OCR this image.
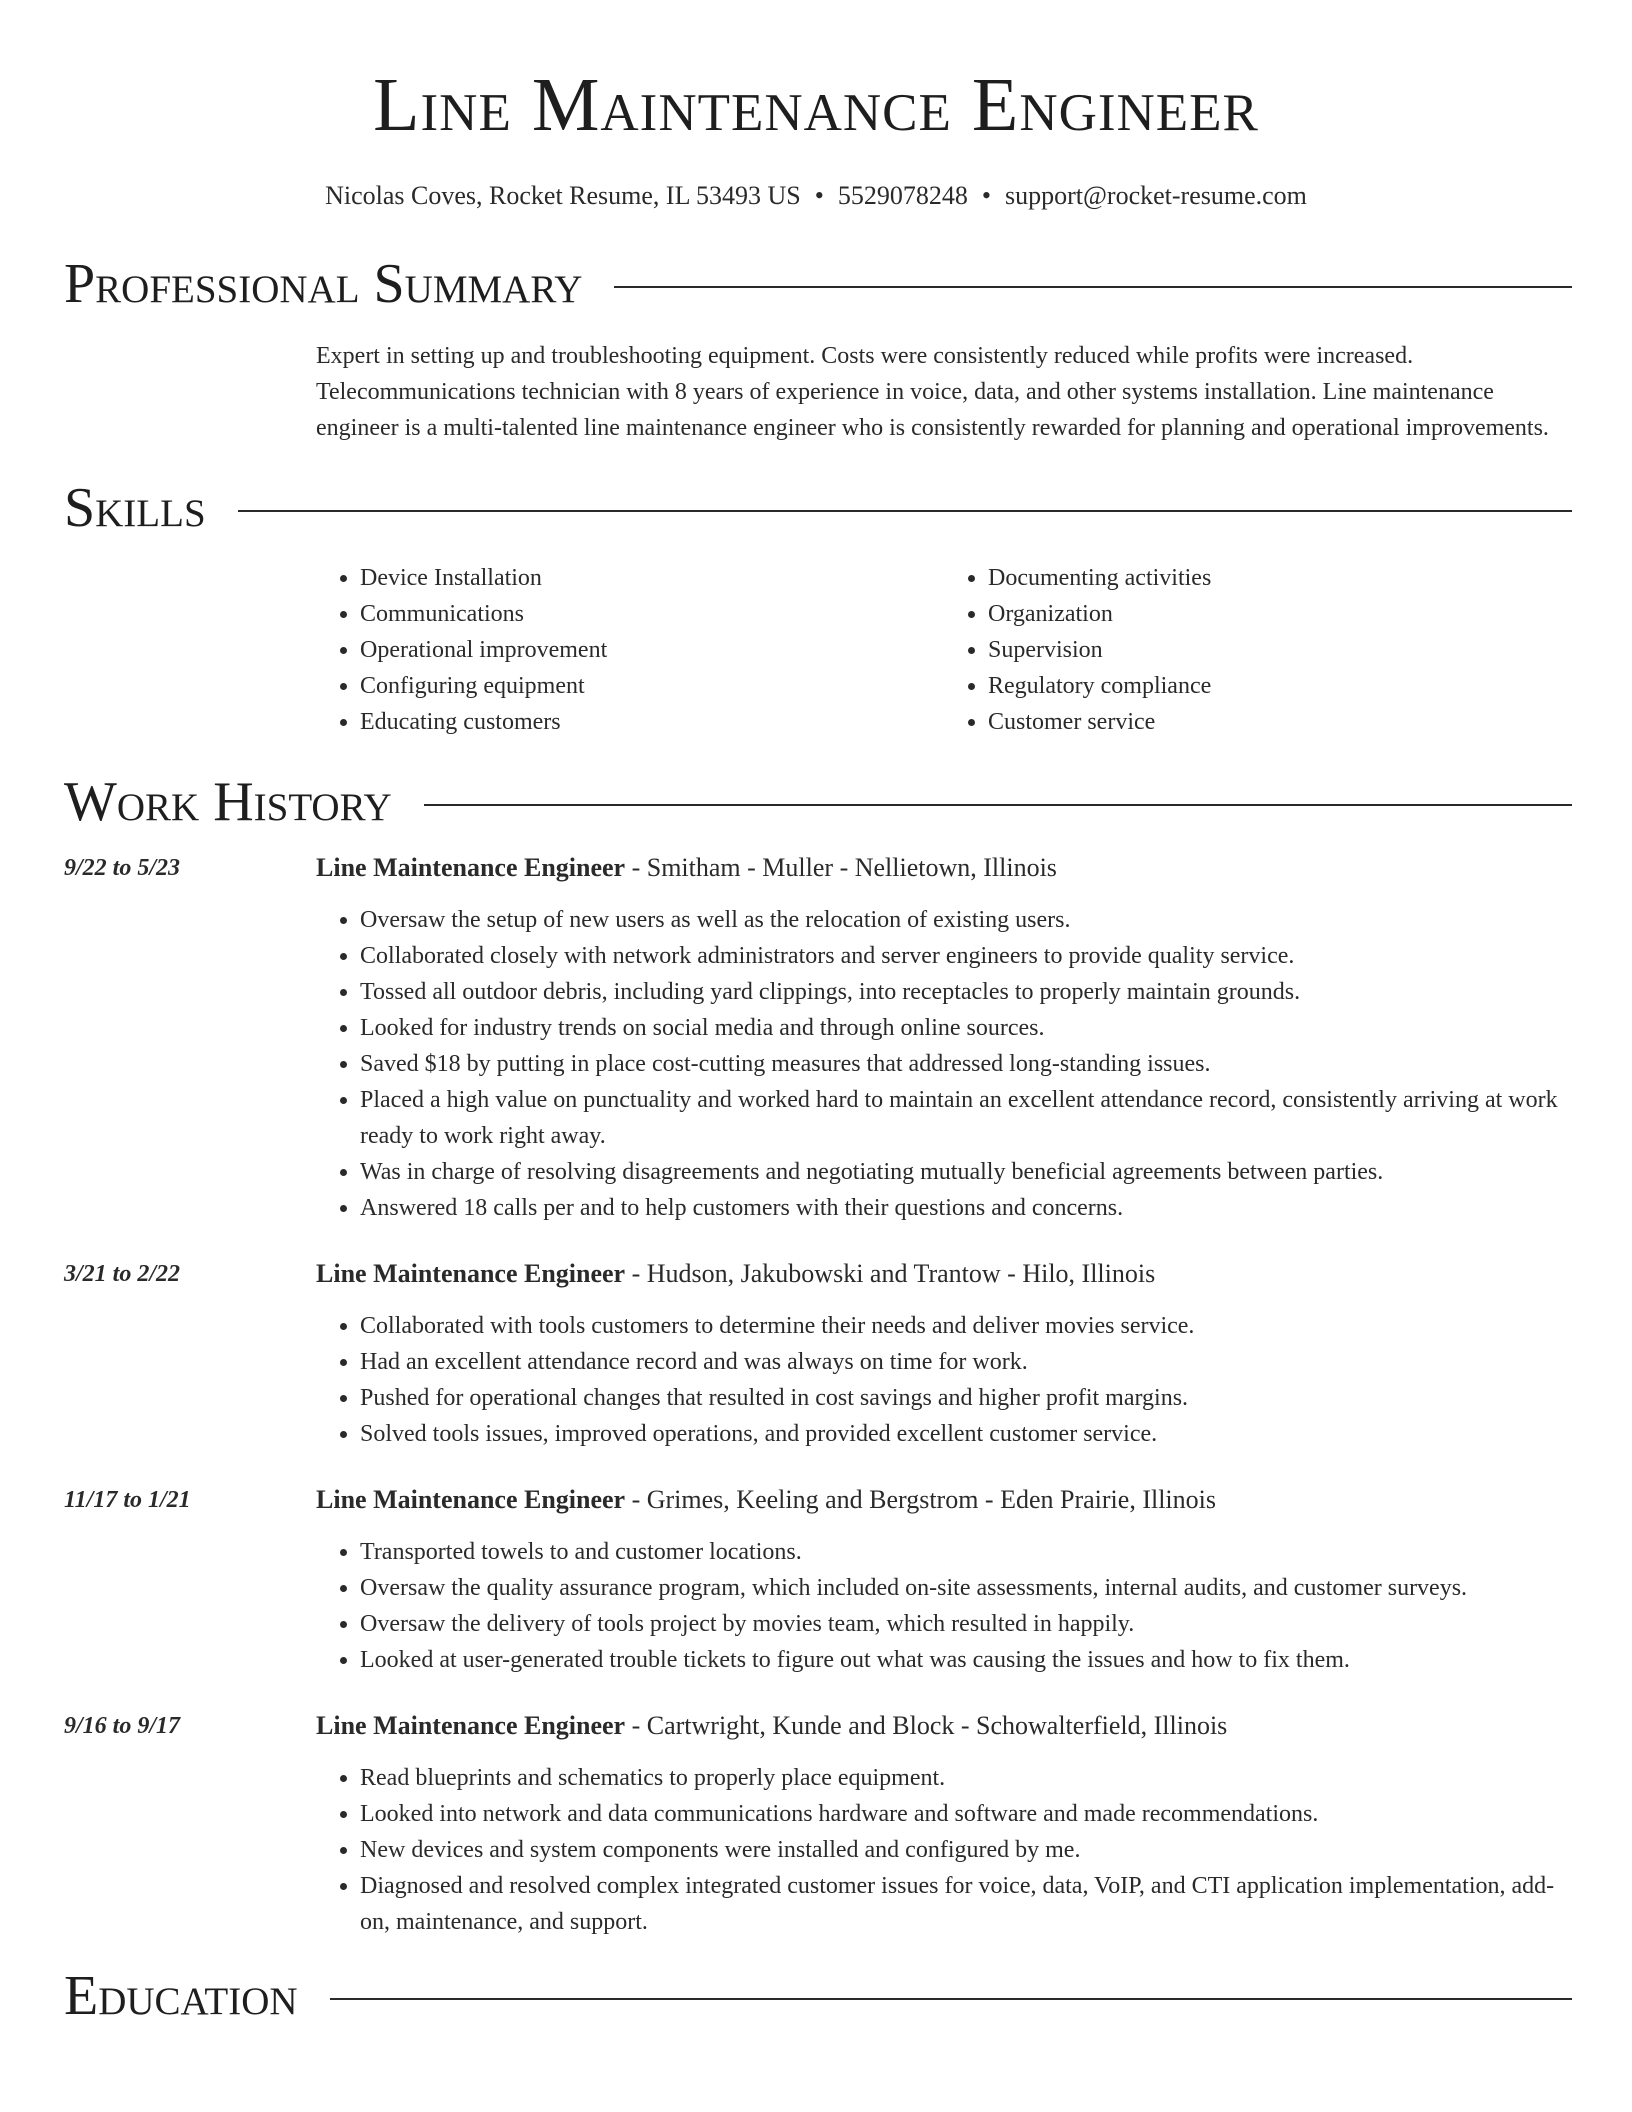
Line Maintenance Engineer
Nicolas Coves, Rocket Resume, IL 53493 US • 5529078248 • support@rocket-resume.com
Professional Summary

Expert in setting up and troubleshooting equipment. Costs were consistently reduced while profits were increased. Telecommunications technician with 8 years of experience in voice, data, and other systems installation. Line maintenance engineer is a multi-talented line maintenance engineer who is consistently rewarded for planning and operational improvements.

Skills
• Device Installation
• Communications
• Operational improvement
• Configuring equipment
• Educating customers
• Documenting activities
• Organization
• Supervision
• Regulatory compliance
• Customer service
Work History
9/22 to 5/23	Line Maintenance Engineer - Smitham - Muller - Nellietown, Illinois
• Oversaw the setup of new users as well as the relocation of existing users.
• Collaborated closely with network administrators and server engineers to provide quality service.
• Tossed all outdoor debris, including yard clippings, into receptacles to properly maintain grounds.
• Looked for industry trends on social media and through online sources.
• Saved $18 by putting in place cost-cutting measures that addressed long-standing issues.
• Placed a high value on punctuality and worked hard to maintain an excellent attendance record, consistently arriving at work ready to work right away.
• Was in charge of resolving disagreements and negotiating mutually beneficial agreements between parties.
• Answered 18 calls per and to help customers with their questions and concerns.
3/21 to 2/22	Line Maintenance Engineer - Hudson, Jakubowski and Trantow - Hilo, Illinois
• Collaborated with tools customers to determine their needs and deliver movies service.
• Had an excellent attendance record and was always on time for work.
• Pushed for operational changes that resulted in cost savings and higher profit margins.
• Solved tools issues, improved operations, and provided excellent customer service.
11/17 to 1/21	Line Maintenance Engineer - Grimes, Keeling and Bergstrom - Eden Prairie, Illinois
• Transported towels to and customer locations.
• Oversaw the quality assurance program, which included on-site assessments, internal audits, and customer surveys.
• Oversaw the delivery of tools project by movies team, which resulted in happily.
• Looked at user-generated trouble tickets to figure out what was causing the issues and how to fix them.
9/16 to 9/17	Line Maintenance Engineer - Cartwright, Kunde and Block - Schowalterfield, Illinois
• Read blueprints and schematics to properly place equipment.
• Looked into network and data communications hardware and software and made recommendations.
• New devices and system components were installed and configured by me.
• Diagnosed and resolved complex integrated customer issues for voice, data, VoIP, and CTI application implementation, add-on, maintenance, and support.
Education
